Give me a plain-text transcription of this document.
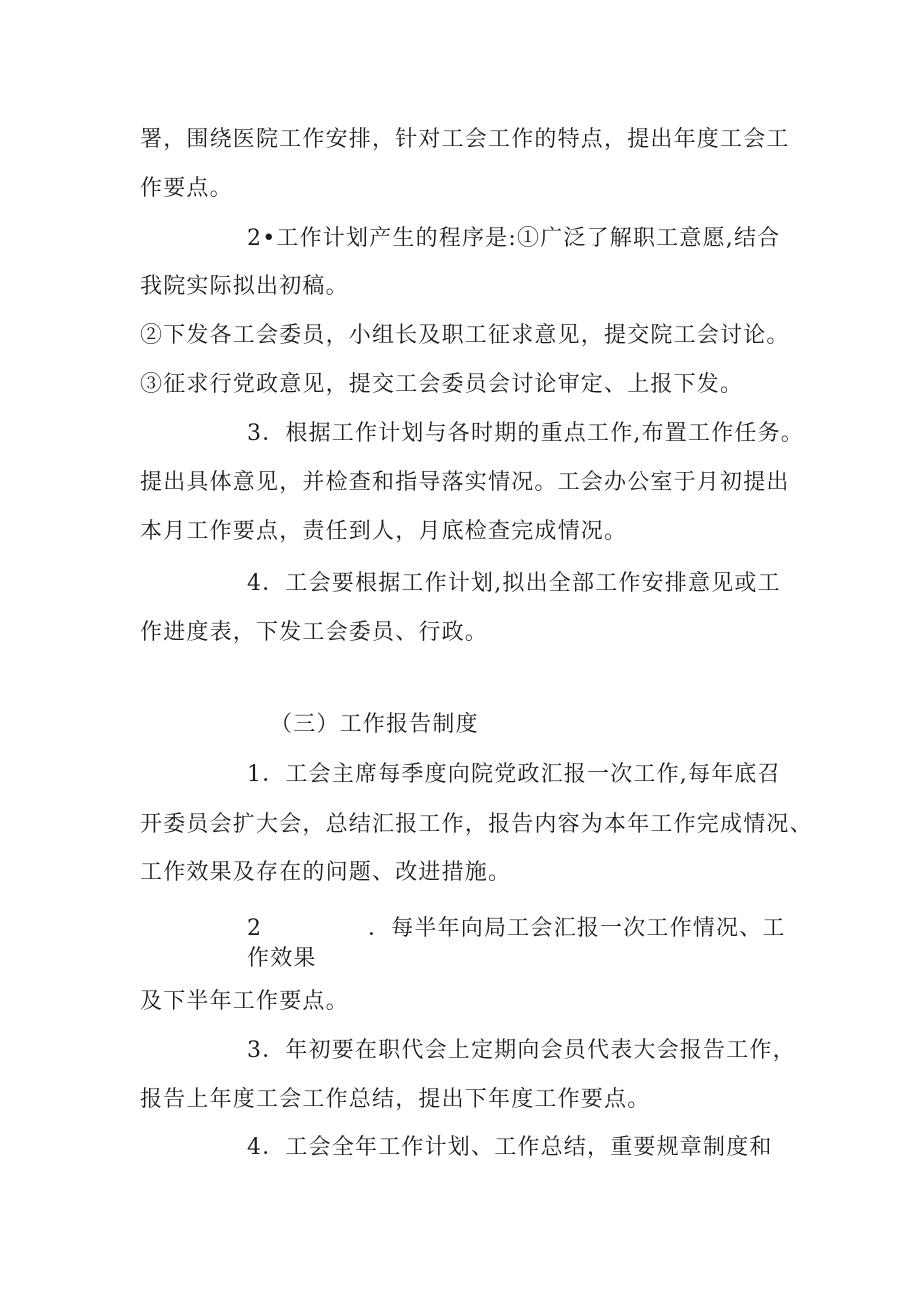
署，围绕医院工作安排，针对工会工作的特点，提出年度工会工
作要点。
2•工作计划产生的程序是:①广泛了解职工意愿,结合
我院实际拟出初稿。
②下发各工会委员，小组长及职工征求意见，提交院工会讨论。
③征求行党政意见，提交工会委员会讨论审定、上报下发。
3．根据工作计划与各时期的重点工作,布置工作任务。
提出具体意见，并检查和指导落实情况。工会办公室于月初提出
本月工作要点，责任到人，月底检查完成情况。
4．工会要根据工作计划,拟出全部工作安排意见或工
作进度表，下发工会委员、行政。
（三）工作报告制度
1．工会主席每季度向院党政汇报一次工作,每年底召
开委员会扩大会，总结汇报工作，报告内容为本年工作完成情况、
工作效果及存在的问题、改进措施。
2	．每半年向局工会汇报一次工作情况、工
作效果
及下半年工作要点。
3．年初要在职代会上定期向会员代表大会报告工作，
报告上年度工会工作总结，提出下年度工作要点。
4．工会全年工作计划、工作总结，重要规章制度和
